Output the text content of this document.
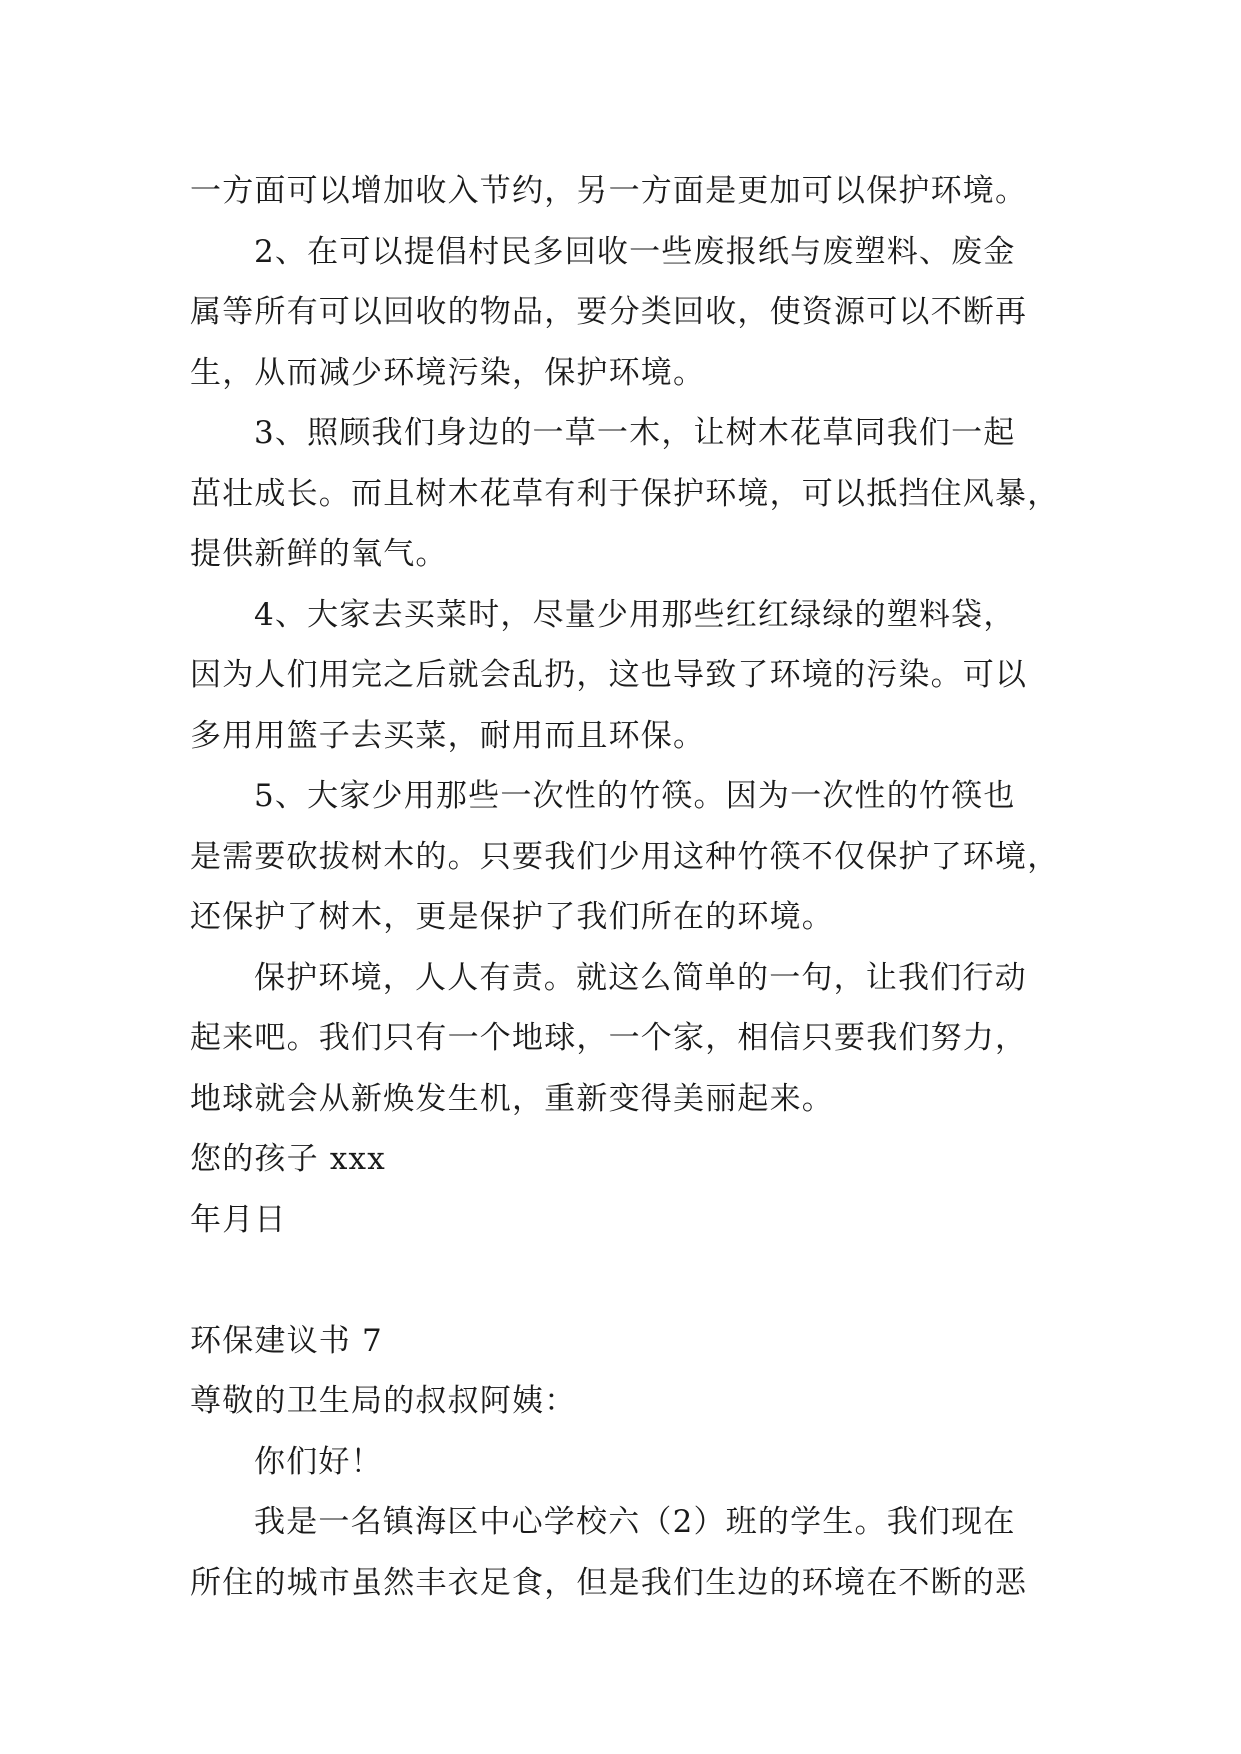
一方面可以增加收入节约，另一方面是更加可以保护环境。
2、在可以提倡村民多回收一些废报纸与废塑料、废金
属等所有可以回收的物品，要分类回收，使资源可以不断再
生，从而减少环境污染，保护环境。
3、照顾我们身边的一草一木，让树木花草同我们一起
茁壮成长。而且树木花草有利于保护环境，可以抵挡住风暴，
提供新鲜的氧气。
4、大家去买菜时，尽量少用那些红红绿绿的塑料袋，
因为人们用完之后就会乱扔，这也导致了环境的污染。可以
多用用篮子去买菜，耐用而且环保。
5、大家少用那些一次性的竹筷。因为一次性的竹筷也
是需要砍拔树木的。只要我们少用这种竹筷不仅保护了环境，
还保护了树木，更是保护了我们所在的环境。
保护环境，人人有责。就这么简单的一句，让我们行动
起来吧。我们只有一个地球，一个家，相信只要我们努力，
地球就会从新焕发生机，重新变得美丽起来。
您的孩子 xxx
年月日
环保建议书 7
尊敬的卫生局的叔叔阿姨：
你们好！
我是一名镇海区中心学校六（2）班的学生。我们现在
所住的城市虽然丰衣足食，但是我们生边的环境在不断的恶
